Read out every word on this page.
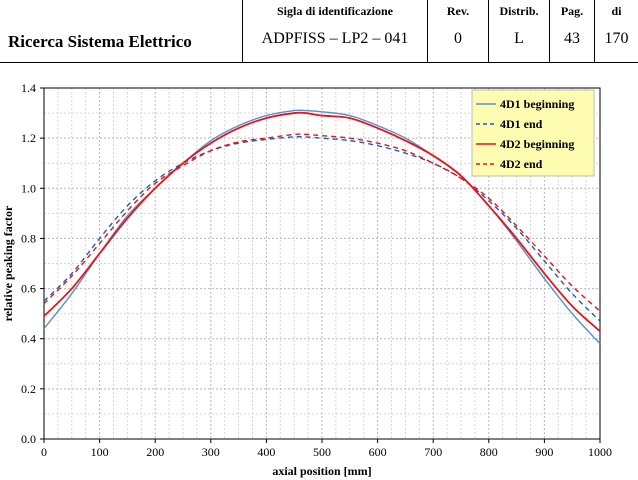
Ricerca Sistema Elettrico
Sigla di identificazione
ADPFISS – LP2 – 041
Rev.
0
Distrib.
L
Pag.
43
di
170
0	100	200	300	400	500	600	700	800	900	1000
0.0
0.2
0.4
0.6
0.8
1.0
1.2
1.4
axial position [mm]
relative peaking factor
4D1 beginning
4D1 end
4D2 beginning
4D2 end
